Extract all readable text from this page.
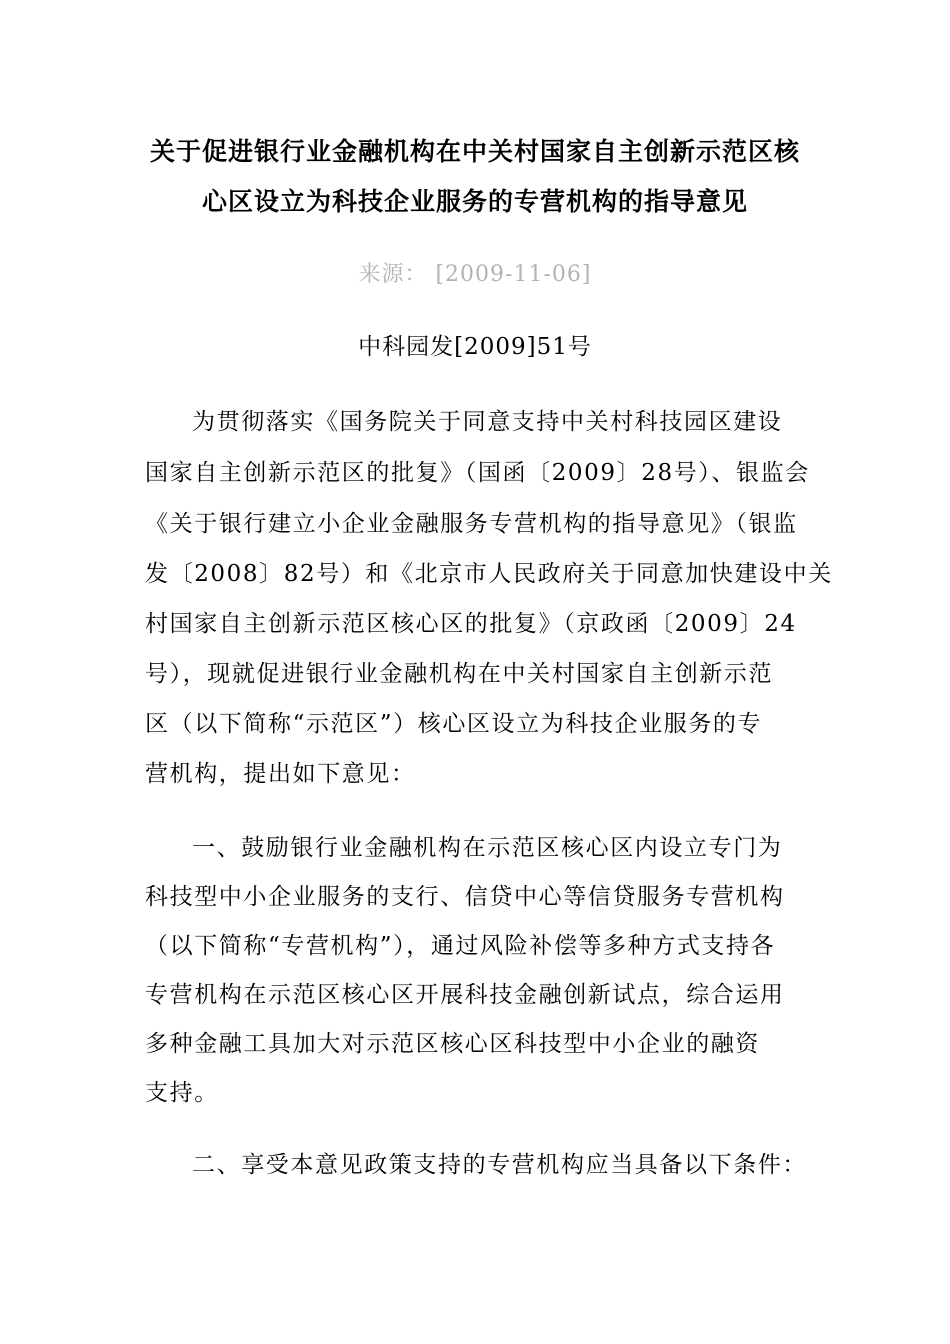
关于促进银行业金融机构在中关村国家自主创新示范区核
心区设立为科技企业服务的专营机构的指导意见
来源： [2009-11-06]
中科园发[2009]51号
为贯彻落实《国务院关于同意支持中关村科技园区建设
国家自主创新示范区的批复》（国函〔2009〕28号）、银监会
《关于银行建立小企业金融服务专营机构的指导意见》（银监
发〔2008〕82号）和《北京市人民政府关于同意加快建设中关
村国家自主创新示范区核心区的批复》（京政函〔2009〕24
号），现就促进银行业金融机构在中关村国家自主创新示范
区（以下简称“示范区”）核心区设立为科技企业服务的专
营机构，提出如下意见：
一、鼓励银行业金融机构在示范区核心区内设立专门为
科技型中小企业服务的支行、信贷中心等信贷服务专营机构
（以下简称“专营机构”），通过风险补偿等多种方式支持各
专营机构在示范区核心区开展科技金融创新试点，综合运用
多种金融工具加大对示范区核心区科技型中小企业的融资
支持。
二、享受本意见政策支持的专营机构应当具备以下条件：
